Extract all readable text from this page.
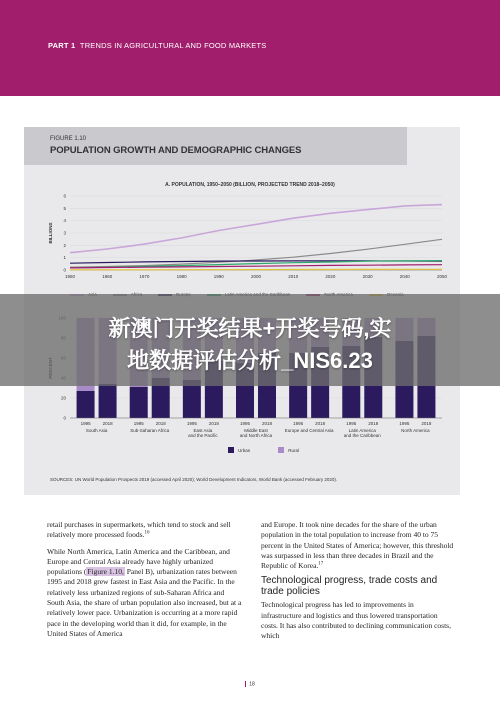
PART 1 TRENDS IN AGRICULTURAL AND FOOD MARKETS
FIGURE 1.10
POPULATION GROWTH AND DEMOGRAPHIC CHANGES
A. POPULATION, 1950–2050 (BILLION, PROJECTED TREND 2018–2050)
0
1
2
3
4
5
6
1950	1960	1970	1980	1990	2000	2010	2020	2030	2040	2050
BILLIONS
0
20
1995	2018	1995	2018	1995	2018	1995	2018	1995	2018	1995	2018	1995	2018
South Asia	Sub-Saharan Africa	East Asia
and the Pacific
Middle East
and North Africa
Europe and Central Asia	Latin America
and the Caribbean
North America
Urban	Rural
SOURCES: UN World Population Prospects 2019 (accessed April 2020); World Development Indicators, World Bank (accessed February 2020).
新澳门开奖结果+开奖号码,实
地数据评估分析_NIS6.23

retail purchases in supermarkets, which tend to stock and sell relatively more processed foods.$^{16}$

While North America, Latin America and the Caribbean, and Europe and Central Asia already have highly urbanized populations (Figure 1.10, Panel B), urbanization rates between 1995 and 2018 grew fastest in East Asia and the Pacific. In the relatively less urbanized regions of sub-Saharan Africa and South Asia, the share of urban population also increased, but at a relatively lower pace. Urbanization is occurring at a more rapid pace in the developing world than it did, for example, in the United States of America

and Europe. It took nine decades for the share of the urban population in the total population to increase from 40 to 75 percent in the United States of America; however, this threshold was surpassed in less than three decades in Brazil and the Republic of Korea.$^{17}$

Technological progress, trade costs and trade policies

Technological progress has led to improvements in infrastructure and logistics and thus lowered transportation costs. It has also contributed to declining communication costs, which

18
